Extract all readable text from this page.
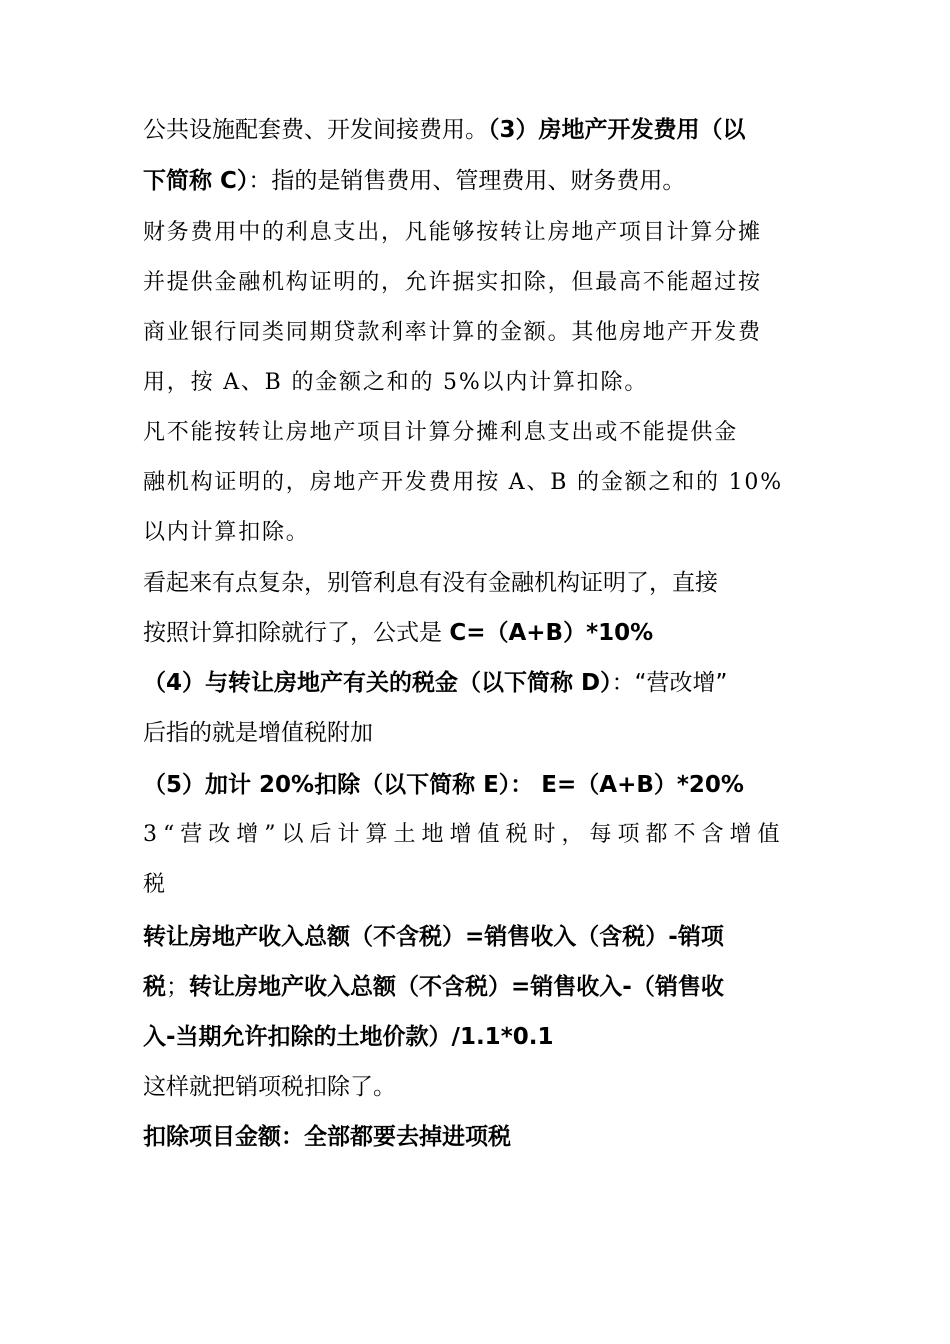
公共设施配套费、开发间接费用。（3）房地产开发费用（以
下简称 C）：指的是销售费用、管理费用、财务费用。
财务费用中的利息支出，凡能够按转让房地产项目计算分摊
并提供金融机构证明的，允许据实扣除，但最高不能超过按
商业银行同类同期贷款利率计算的金额。其他房地产开发费
用，按 A、B 的金额之和的 5%以内计算扣除。
凡不能按转让房地产项目计算分摊利息支出或不能提供金
融机构证明的，房地产开发费用按 A、B 的金额之和的 10%
以内计算扣除。
看起来有点复杂，别管利息有没有金融机构证明了，直接
按照计算扣除就行了，公式是 C=（A+B）*10%
（4）与转让房地产有关的税金（以下简称 D）：“营改增”
后指的就是增值税附加
（5）加计 20%扣除（以下简称 E）： E=（A+B）*20%
3“营改增”以后计算土地增值税时，每项都不含增值
税
转让房地产收入总额（不含税）=销售收入（含税）-销项
税；转让房地产收入总额（不含税）=销售收入-（销售收
入-当期允许扣除的土地价款）/1.1*0.1
这样就把销项税扣除了。
扣除项目金额：全部都要去掉进项税
